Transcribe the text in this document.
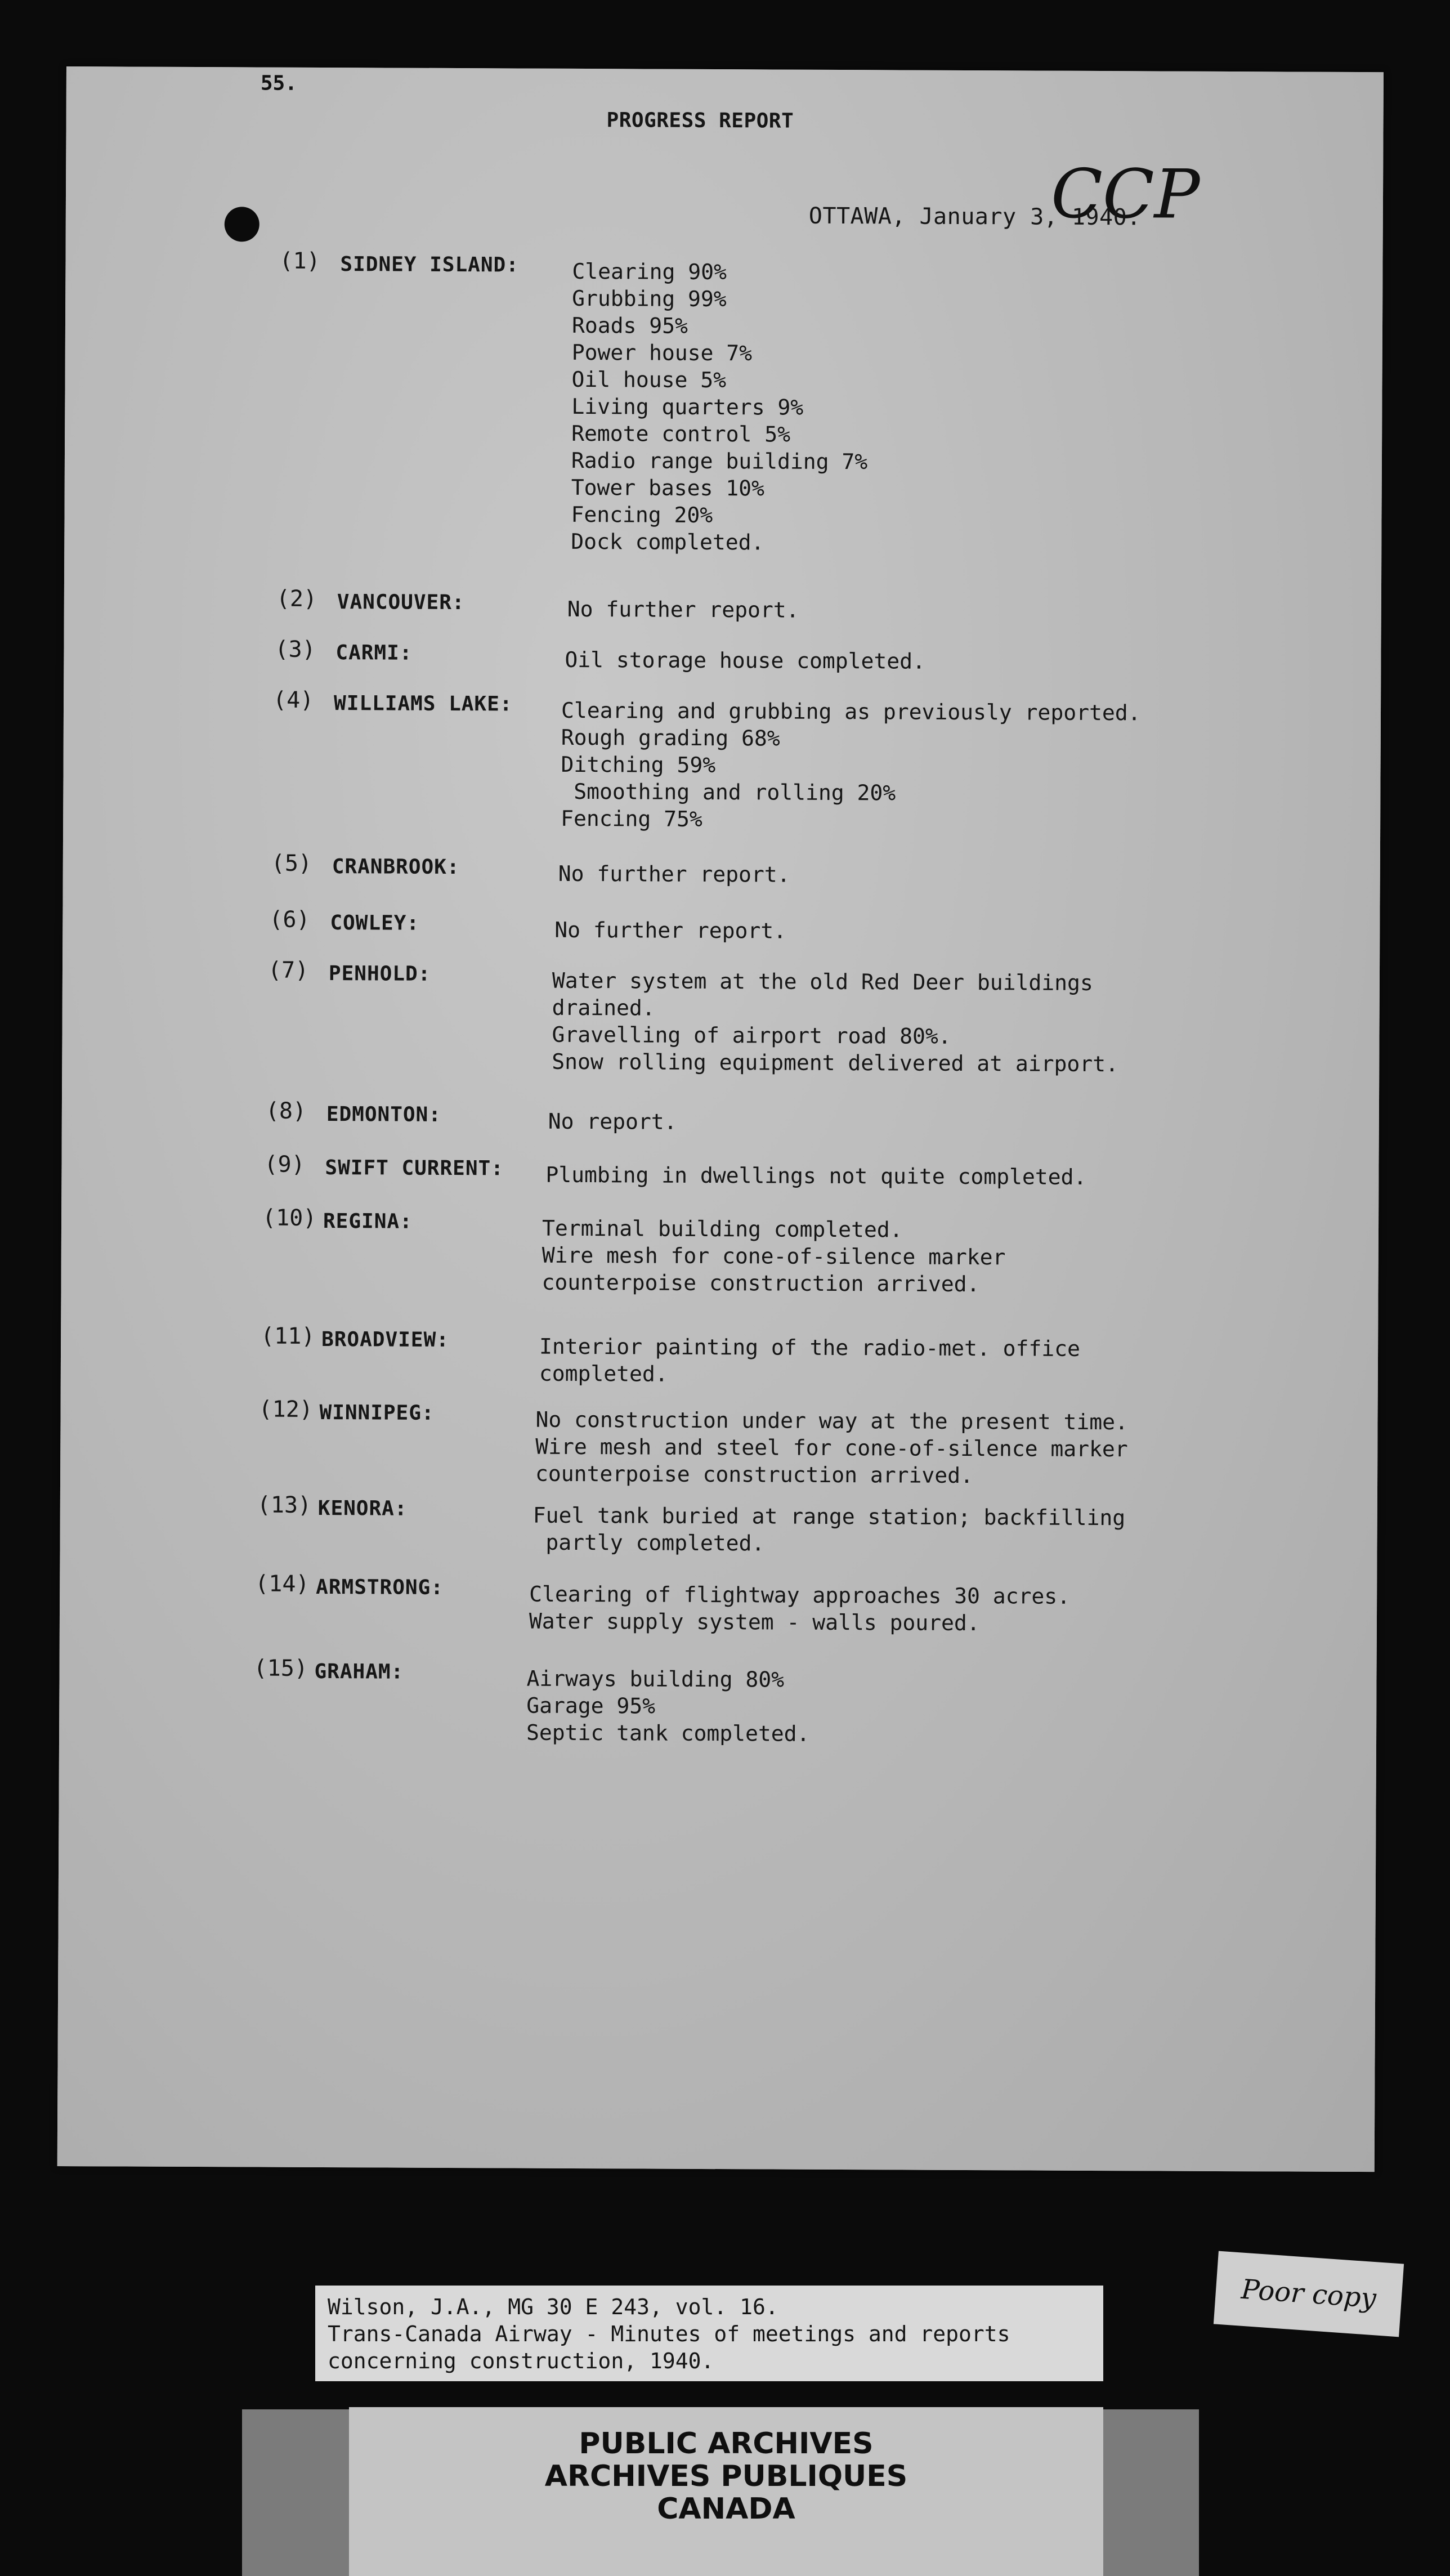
55.
PROGRESS REPORT
CCP
OTTAWA, January 3, 1940.
(1) SIDNEY ISLAND: Clearing 90%
Grubbing 99%
Roads 95%
Power house 7%
Oil house 5%
Living quarters 9%
Remote control 5%
Radio range building 7%
Tower bases 10%
Fencing 20%
Dock completed.
(2) VANCOUVER:	No further report.
(3) CARMI:	Oil storage house completed.
(4) WILLIAMS LAKE: Clearing and grubbing as previously reported.
Rough grading 68%
Ditching 59%
Smoothing and rolling 20%
Fencing 75%
(5) CRANBROOK:	No further report.
(6) COWLEY:	No further report.
(7) PENHOLD:	Water system at the old Red Deer buildings
drained.
Gravelling of airport road 80%.
Snow rolling equipment delivered at airport.
(8) EDMONTON:	No report.
(9) SWIFT CURRENT: Plumbing in dwellings not quite completed.
(10) REGINA:	Terminal building completed.
Wire mesh for cone-of-silence marker
counterpoise construction arrived.
(11) BROADVIEW:	Interior painting of the radio-met. office
completed.
(12) WINNIPEG:	No construction under way at the present time.
Wire mesh and steel for cone-of-silence marker
counterpoise construction arrived.
(13) KENORA:	Fuel tank buried at range station; backfilling
partly completed.
(14) ARMSTRONG:	Clearing of flightway approaches 30 acres.
Water supply system - walls poured.
(15) GRAHAM:	Airways building 80%
Garage 95%
Septic tank completed.
Wilson, J.A., MG 30 E 243, vol. 16.
Trans-Canada Airway - Minutes of meetings and reports
concerning construction, 1940.
PUBLIC ARCHIVES
ARCHIVES PUBLIQUES
CANADA
Poor copy
